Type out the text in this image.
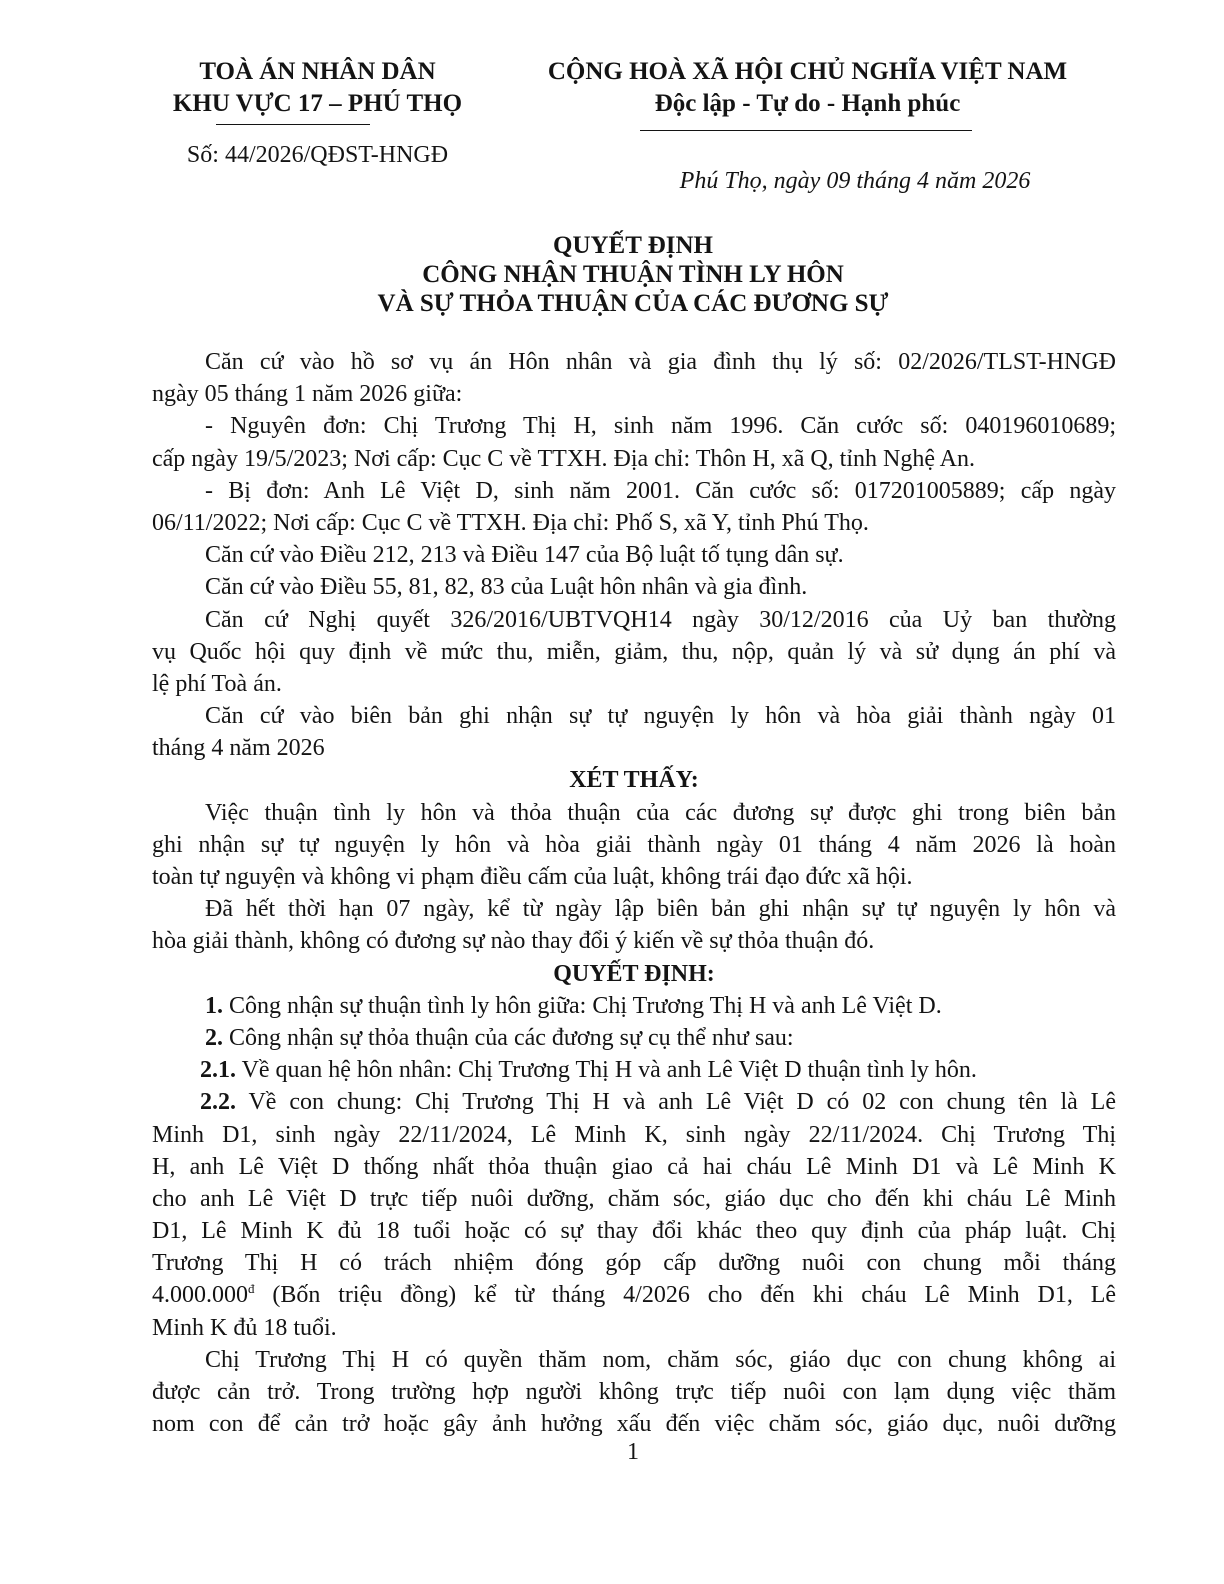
TOÀ ÁN NHÂN DÂN
KHU VỰC 17 – PHÚ THỌ
Số: 44/2026/QĐST-HNGĐ
CỘNG HOÀ XÃ HỘI CHỦ NGHĨA VIỆT NAM
Độc lập - Tự do - Hạnh phúc
Phú Thọ, ngày 09 tháng 4 năm 2026
QUYẾT ĐỊNH
CÔNG NHẬN THUẬN TÌNH LY HÔN
VÀ SỰ THỎA THUẬN CỦA CÁC ĐƯƠNG SỰ
Căn cứ vào hồ sơ vụ án Hôn nhân và gia đình thụ lý số: 02/2026/TLST-HNGĐ
ngày 05 tháng 1 năm 2026 giữa:
- Nguyên đơn: Chị Trương Thị H, sinh năm 1996. Căn cước số: 040196010689;
cấp ngày 19/5/2023; Nơi cấp: Cục C về TTXH. Địa chỉ: Thôn H, xã Q, tỉnh Nghệ An.
- Bị đơn: Anh Lê Việt D, sinh năm 2001. Căn cước số: 017201005889; cấp ngày
06/11/2022; Nơi cấp: Cục C về TTXH. Địa chỉ: Phố S, xã Y, tỉnh Phú Thọ.
Căn cứ vào Điều 212, 213 và Điều 147 của Bộ luật tố tụng dân sự.
Căn cứ vào Điều 55, 81, 82, 83 của Luật hôn nhân và gia đình.
Căn cứ Nghị quyết 326/2016/UBTVQH14 ngày 30/12/2016 của Uỷ ban thường
vụ Quốc hội quy định về mức thu, miễn, giảm, thu, nộp, quản lý và sử dụng án phí và
lệ phí Toà án.
Căn cứ vào biên bản ghi nhận sự tự nguyện ly hôn và hòa giải thành ngày 01
tháng 4 năm 2026
XÉT THẤY:
Việc thuận tình ly hôn và thỏa thuận của các đương sự được ghi trong biên bản
ghi nhận sự tự nguyện ly hôn và hòa giải thành ngày 01 tháng 4 năm 2026 là hoàn
toàn tự nguyện và không vi phạm điều cấm của luật, không trái đạo đức xã hội.
Đã hết thời hạn 07 ngày, kể từ ngày lập biên bản ghi nhận sự tự nguyện ly hôn và
hòa giải thành, không có đương sự nào thay đổi ý kiến về sự thỏa thuận đó.
QUYẾT ĐỊNH:
1. Công nhận sự thuận tình ly hôn giữa: Chị Trương Thị H và anh Lê Việt D.
2. Công nhận sự thỏa thuận của các đương sự cụ thể như sau:
2.1. Về quan hệ hôn nhân: Chị Trương Thị H và anh Lê Việt D thuận tình ly hôn.
2.2. Về con chung: Chị Trương Thị H và anh Lê Việt D có 02 con chung tên là Lê
Minh D1, sinh ngày 22/11/2024, Lê Minh K, sinh ngày 22/11/2024. Chị Trương Thị
H, anh Lê Việt D thống nhất thỏa thuận giao cả hai cháu Lê Minh D1 và Lê Minh K
cho anh Lê Việt D trực tiếp nuôi dưỡng, chăm sóc, giáo dục cho đến khi cháu Lê Minh
D1, Lê Minh K đủ 18 tuổi hoặc có sự thay đổi khác theo quy định của pháp luật. Chị
Trương Thị H có trách nhiệm đóng góp cấp dưỡng nuôi con chung mỗi tháng
$4.000.000^đ$ (Bốn triệu đồng) kể từ tháng 4/2026 cho đến khi cháu Lê Minh D1, Lê
Minh K đủ 18 tuổi.
Chị Trương Thị H có quyền thăm nom, chăm sóc, giáo dục con chung không ai
được cản trở. Trong trường hợp người không trực tiếp nuôi con lạm dụng việc thăm
nom con để cản trở hoặc gây ảnh hưởng xấu đến việc chăm sóc, giáo dục, nuôi dưỡng
1
